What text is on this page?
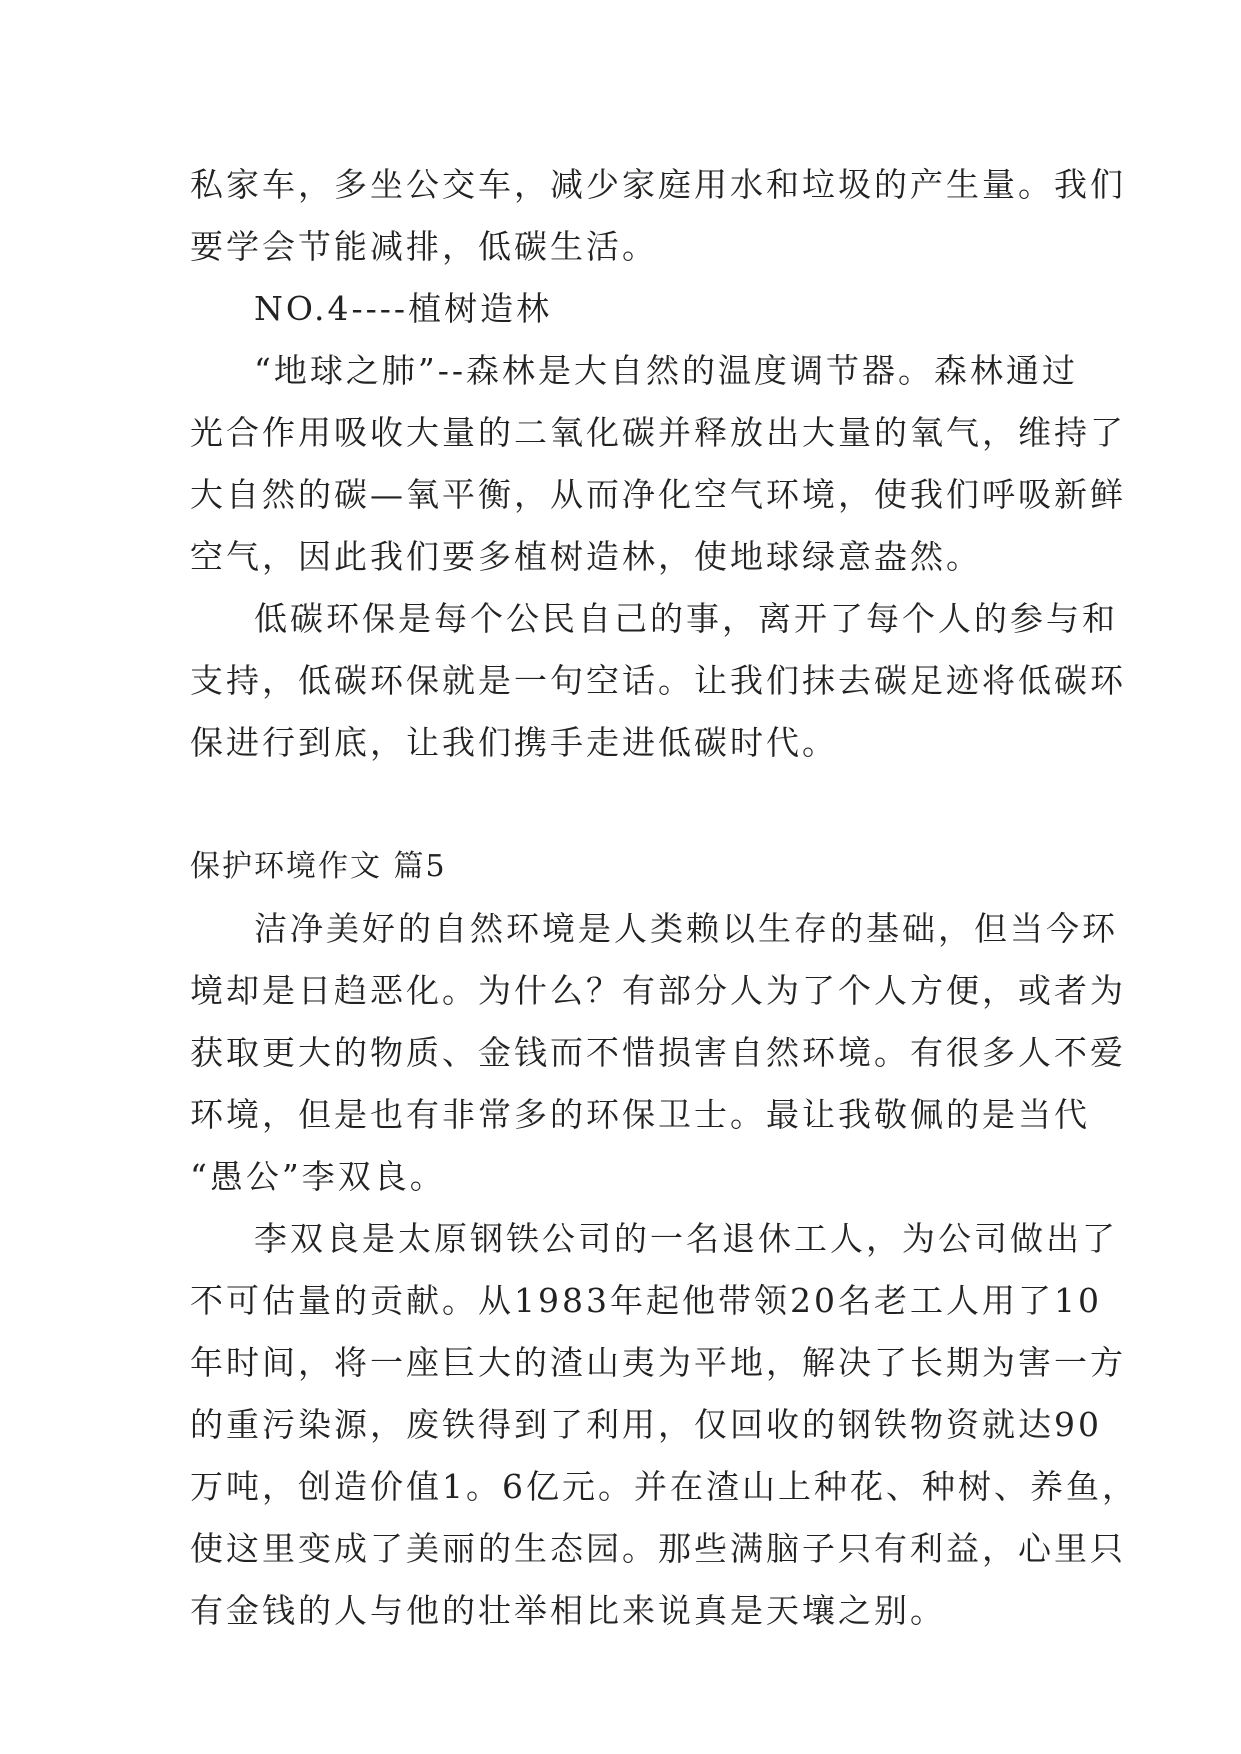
私家车，多坐公交车，减少家庭用水和垃圾的产生量。我们
要学会节能减排，低碳生活。
NO.4----植树造林
“地球之肺”--森林是大自然的温度调节器。森林通过
光合作用吸收大量的二氧化碳并释放出大量的氧气，维持了
大自然的碳—氧平衡，从而净化空气环境，使我们呼吸新鲜
空气，因此我们要多植树造林，使地球绿意盎然。
低碳环保是每个公民自己的事，离开了每个人的参与和
支持，低碳环保就是一句空话。让我们抹去碳足迹将低碳环
保进行到底，让我们携手走进低碳时代。
保护环境作文 篇5
洁净美好的自然环境是人类赖以生存的基础，但当今环
境却是日趋恶化。为什么？有部分人为了个人方便，或者为
获取更大的物质、金钱而不惜损害自然环境。有很多人不爱
环境，但是也有非常多的环保卫士。最让我敬佩的是当代
“愚公”李双良。
李双良是太原钢铁公司的一名退休工人，为公司做出了
不可估量的贡献。从1983年起他带领20名老工人用了10
年时间，将一座巨大的渣山夷为平地，解决了长期为害一方
的重污染源，废铁得到了利用，仅回收的钢铁物资就达90
万吨，创造价值1。6亿元。并在渣山上种花、种树、养鱼，
使这里变成了美丽的生态园。那些满脑子只有利益，心里只
有金钱的人与他的壮举相比来说真是天壤之别。
